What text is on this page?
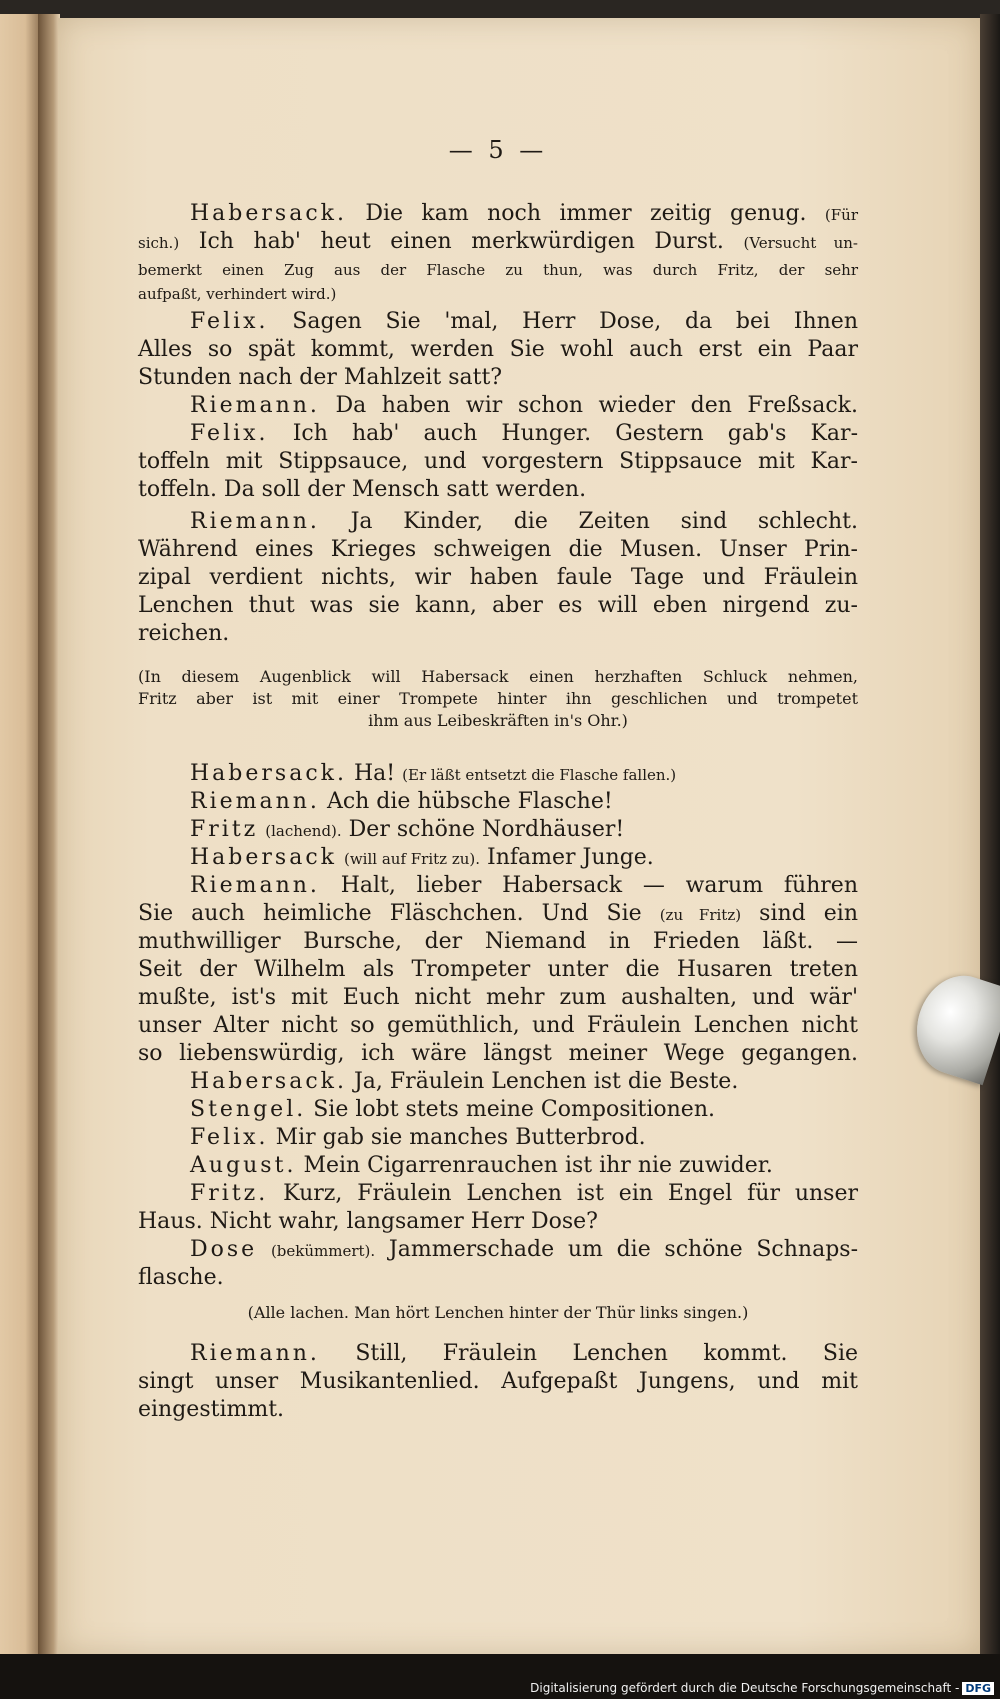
— 5 —
Habersack. Die kam noch immer zeitig genug. (Für
sich.) Ich hab' heut einen merkwürdigen Durst. (Versucht un-
bemerkt einen Zug aus der Flasche zu thun, was durch Fritz, der sehr
aufpaßt, verhindert wird.)
Felix. Sagen Sie 'mal, Herr Dose, da bei Ihnen
Alles so spät kommt, werden Sie wohl auch erst ein Paar
Stunden nach der Mahlzeit satt?
Riemann. Da haben wir schon wieder den Freßsack.
Felix. Ich hab' auch Hunger. Gestern gab's Kar-
toffeln mit Stippsauce, und vorgestern Stippsauce mit Kar-
toffeln. Da soll der Mensch satt werden.
Riemann. Ja Kinder, die Zeiten sind schlecht.
Während eines Krieges schweigen die Musen. Unser Prin-
zipal verdient nichts, wir haben faule Tage und Fräulein
Lenchen thut was sie kann, aber es will eben nirgend zu-
reichen.
(In diesem Augenblick will Habersack einen herzhaften Schluck nehmen,
Fritz aber ist mit einer Trompete hinter ihn geschlichen und trompetet
ihm aus Leibeskräften in's Ohr.)
Habersack. Ha! (Er läßt entsetzt die Flasche fallen.)
Riemann. Ach die hübsche Flasche!
Fritz (lachend). Der schöne Nordhäuser!
Habersack (will auf Fritz zu). Infamer Junge.
Riemann. Halt, lieber Habersack — warum führen
Sie auch heimliche Fläschchen. Und Sie (zu Fritz) sind ein
muthwilliger Bursche, der Niemand in Frieden läßt. —
Seit der Wilhelm als Trompeter unter die Husaren treten
mußte, ist's mit Euch nicht mehr zum aushalten, und wär'
unser Alter nicht so gemüthlich, und Fräulein Lenchen nicht
so liebenswürdig, ich wäre längst meiner Wege gegangen.
Habersack. Ja, Fräulein Lenchen ist die Beste.
Stengel. Sie lobt stets meine Compositionen.
Felix. Mir gab sie manches Butterbrod.
August. Mein Cigarrenrauchen ist ihr nie zuwider.
Fritz. Kurz, Fräulein Lenchen ist ein Engel für unser
Haus. Nicht wahr, langsamer Herr Dose?
Dose (bekümmert). Jammerschade um die schöne Schnaps-
flasche.
(Alle lachen. Man hört Lenchen hinter der Thür links singen.)
Riemann. Still, Fräulein Lenchen kommt. Sie
singt unser Musikantenlied. Aufgepaßt Jungens, und mit
eingestimmt.
Digitalisierung gefördert durch die Deutsche Forschungsgemeinschaft - DFG
